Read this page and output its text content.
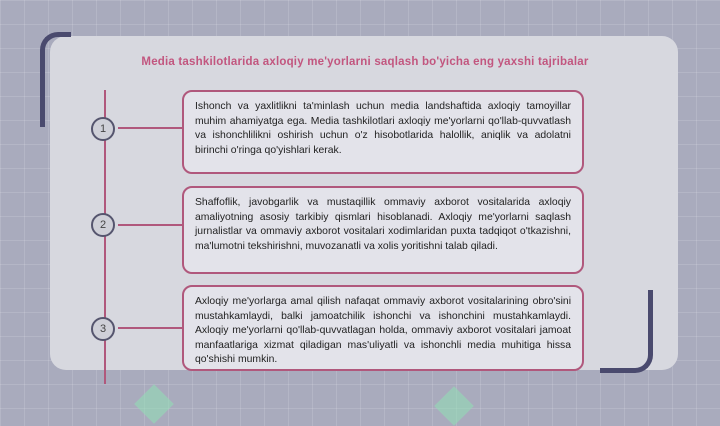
Media tashkilotlarida axloqiy me'yorlarni saqlash bo'yicha eng yaxshi tajribalar
1
Ishonch va yaxlitlikni ta'minlash uchun media landshaftida axloqiy tamoyillar muhim ahamiyatga ega. Media tashkilotlari axloqiy me'yorlarni qo'llab-quvvatlash va ishonchlilikni oshirish uchun o'z hisobotlarida halollik, aniqlik va adolatni birinchi o'ringa qo'yishlari kerak.
2
Shaffoflik, javobgarlik va mustaqillik ommaviy axborot vositalarida axloqiy amaliyotning asosiy tarkibiy qismlari hisoblanadi. Axloqiy me'yorlarni saqlash jurnalistlar va ommaviy axborot vositalari xodimlaridan puxta tadqiqot o'tkazishni, ma'lumotni tekshirishni, muvozanatli va xolis yoritishni talab qiladi.
3
Axloqiy me'yorlarga amal qilish nafaqat ommaviy axborot vositalarining obro'sini mustahkamlaydi, balki jamoatchilik ishonchi va ishonchini mustahkamlaydi. Axloqiy me'yorlarni qo'llab-quvvatlagan holda, ommaviy axborot vositalari jamoat manfaatlariga xizmat qiladigan mas'uliyatli va ishonchli media muhitiga hissa qo'shishi mumkin.
